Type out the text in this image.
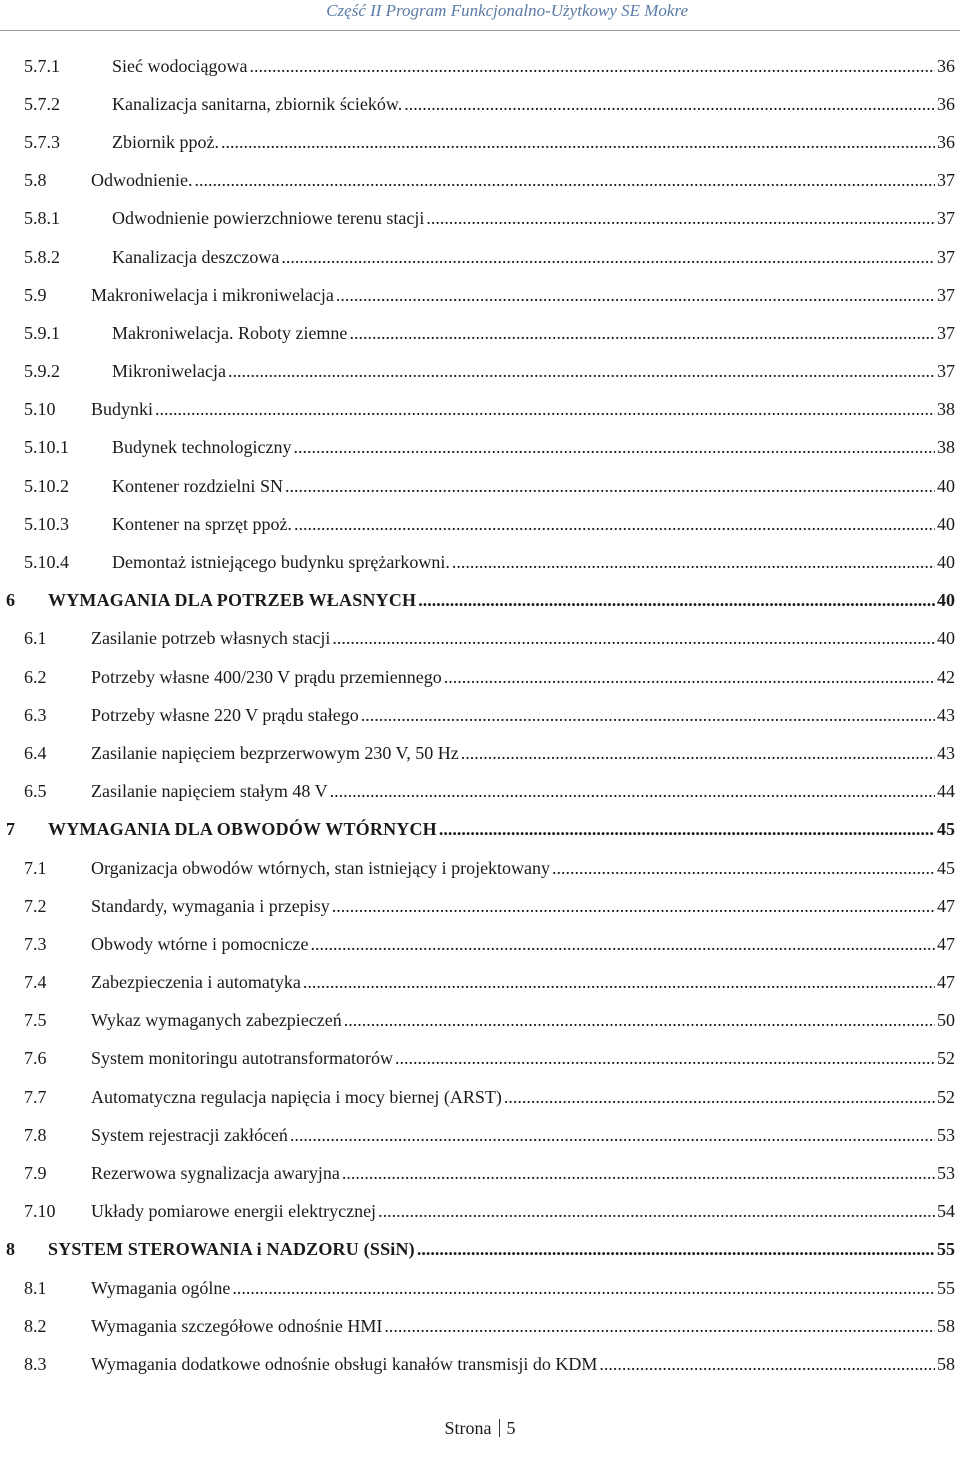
Część II Program Funkcjonalno-Użytkowy SE Mokre
5.7.1	Sieć wodociągowa .....	36
5.7.2	Kanalizacja sanitarna, zbiornik ścieków. .....	36
5.7.3	Zbiornik ppoż. .....	36
5.8 Odwodnienie. .....	37
5.8.1	Odwodnienie powierzchniowe terenu stacji .....	37
5.8.2	Kanalizacja deszczowa .....	37
5.9 Makroniwelacja i mikroniwelacja .....	37
5.9.1	Makroniwelacja. Roboty ziemne .....	37
5.9.2	Mikroniwelacja .....	37
5.10 Budynki .....	38
5.10.1 Budynek technologiczny .....	38
5.10.2 Kontener rozdzielni SN .....	40
5.10.3 Kontener na sprzęt ppoż. .....	40
5.10.4 Demontaż istniejącego budynku sprężarkowni. .....	40
6 WYMAGANIA DLA POTRZEB WŁASNYCH .....	40
6.1 Zasilanie potrzeb własnych stacji .....	40
6.2 Potrzeby własne 400/230 V prądu przemiennego .....	42
6.3 Potrzeby własne 220 V prądu stałego .....	43
6.4 Zasilanie napięciem bezprzerwowym 230 V, 50 Hz .....	43
6.5 Zasilanie napięciem stałym 48 V .....	44
7 WYMAGANIA DLA OBWODÓW WTÓRNYCH .....	45
7.1 Organizacja obwodów wtórnych, stan istniejący i projektowany .....	45
7.2 Standardy, wymagania i przepisy .....	47
7.3 Obwody wtórne i pomocnicze .....	47
7.4 Zabezpieczenia i automatyka .....	47
7.5 Wykaz wymaganych zabezpieczeń .....	50
7.6 System monitoringu autotransformatorów .....	52
7.7 Automatyczna regulacja napięcia i mocy biernej (ARST) .....	52
7.8 System rejestracji zakłóceń .....	53
7.9 Rezerwowa sygnalizacja awaryjna .....	53
7.10 Układy pomiarowe energii elektrycznej .....	54
8 SYSTEM STEROWANIA i NADZORU (SSiN) .....	55
8.1 Wymagania ogólne .....	55
8.2 Wymagania szczegółowe odnośnie HMI .....	58
8.3 Wymagania dodatkowe odnośnie obsługi kanałów transmisji do KDM .....	58
Strona 5
